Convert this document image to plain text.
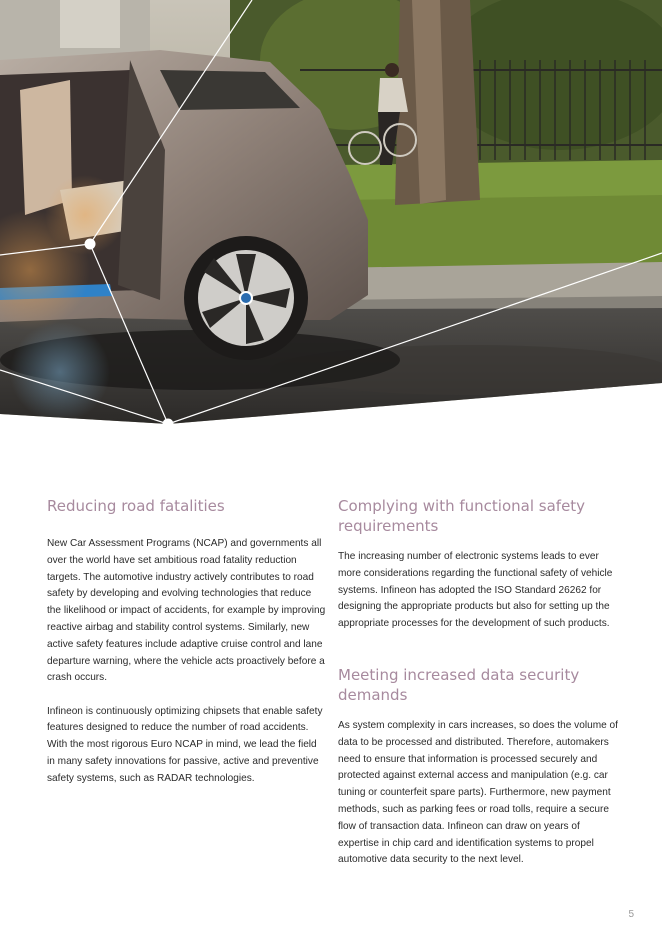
Reducing road fatalities

New Car Assessment Programs (NCAP) and governments all over the world have set ambitious road fatality reduction targets. The automotive industry actively contributes to road safety by developing and evolving technologies that reduce the likelihood or impact of accidents, for example by improving reactive airbag and stability control systems. Similarly, new active safety features include adaptive cruise control and lane departure warning, where the vehicle acts proactively before a crash occurs.

Infineon is continuously optimizing chipsets that enable safety features designed to reduce the number of road accidents. With the most rigorous Euro NCAP in mind, we lead the field in many safety innovations for passive, active and preventive safety systems, such as RADAR technologies.

Complying with functional safety requirements

The increasing number of electronic systems leads to ever more considerations regarding the functional safety of vehicle systems. Infineon has adopted the ISO Standard 26262 for designing the appropriate products but also for setting up the appropriate processes for the development of such products.

Meeting increased data security demands

As system complexity in cars increases, so does the volume of data to be processed and distributed. Therefore, automakers need to ensure that information is processed securely and protected against external access and manipulation (e.g. car tuning or counterfeit spare parts). Furthermore, new payment methods, such as parking fees or road tolls, require a secure flow of transaction data. Infineon can draw on years of expertise in chip card and identification systems to propel automotive data security to the next level.

5
